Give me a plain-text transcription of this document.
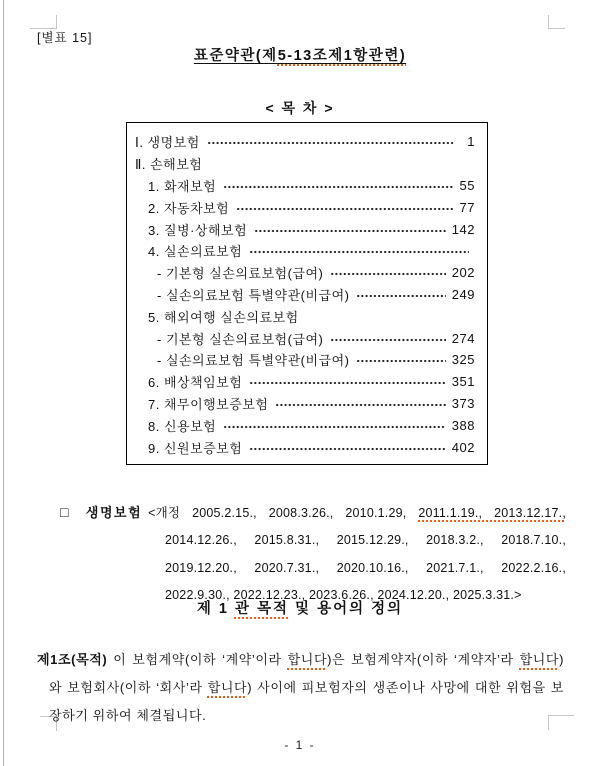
[별표 15]
표준약관(제5-13조제1항관련)
< 목 차 >
Ⅰ. 생명보험	1
Ⅱ. 손해보험
1. 화재보험	55
2. 자동차보험	77
3. 질병·상해보험	142
4. 실손의료보험
- 기본형 실손의료보험(급여)	202
- 실손의료보험 특별약관(비급여)	249
5. 해외여행 실손의료보험
- 기본형 실손의료보험(급여)	274
- 실손의료보험 특별약관(비급여)	325
6. 배상책임보험	351
7. 채무이행보증보험	373
8. 신용보험	388
9. 신원보증보험	402

□ 생명보험 <개정 2005.2.15., 2008.3.26., 2010.1.29, 2011.1.19., 2013.12.17., 2014.12.26., 2015.8.31., 2015.12.29., 2018.3.2., 2018.7.10., 2019.12.20., 2020.7.31., 2020.10.16., 2021.7.1., 2022.2.16., 2022.9.30., 2022.12.23., 2023.6.26., 2024.12.20., 2025.3.31.>

제 1 관 목적 및 용어의 정의

제1조(목적) 이 보험계약(이하 ‘계약’이라 합니다)은 보험계약자(이하 ‘계약자’라 합니다)와 보험회사(이하 ‘회사’라 합니다) 사이에 피보험자의 생존이나 사망에 대한 위험을 보장하기 위하여 체결됩니다.

- 1 -
